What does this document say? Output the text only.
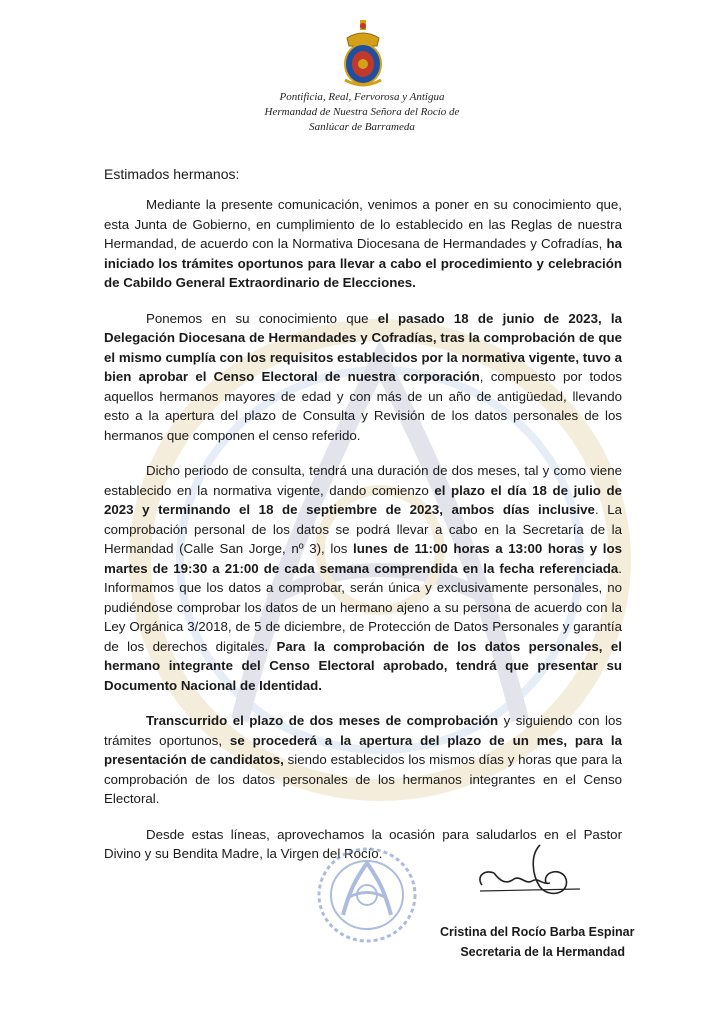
Pontificia, Real, Fervorosa y Antigua
Hermandad de Nuestra Señora del Rocío de
Sanlúcar de Barrameda
Estimados hermanos:

Mediante la presente comunicación, venimos a poner en su conocimiento que, esta Junta de Gobierno, en cumplimiento de lo establecido en las Reglas de nuestra Hermandad, de acuerdo con la Normativa Diocesana de Hermandades y Cofradías, ha iniciado los trámites oportunos para llevar a cabo el procedimiento y celebración de Cabildo General Extraordinario de Elecciones.

Ponemos en su conocimiento que el pasado 18 de junio de 2023, la Delegación Diocesana de Hermandades y Cofradías, tras la comprobación de que el mismo cumplía con los requisitos establecidos por la normativa vigente, tuvo a bien aprobar el Censo Electoral de nuestra corporación, compuesto por todos aquellos hermanos mayores de edad y con más de un año de antigüedad, llevando esto a la apertura del plazo de Consulta y Revisión de los datos personales de los hermanos que componen el censo referido.

Dicho periodo de consulta, tendrá una duración de dos meses, tal y como viene establecido en la normativa vigente, dando comienzo el plazo el día 18 de julio de 2023 y terminando el 18 de septiembre de 2023, ambos días inclusive. La comprobación personal de los datos se podrá llevar a cabo en la Secretaría de la Hermandad (Calle San Jorge, nº 3), los lunes de 11:00 horas a 13:00 horas y los martes de 19:30 a 21:00 de cada semana comprendida en la fecha referenciada. Informamos que los datos a comprobar, serán única y exclusivamente personales, no pudiéndose comprobar los datos de un hermano ajeno a su persona de acuerdo con la Ley Orgánica 3/2018, de 5 de diciembre, de Protección de Datos Personales y garantía de los derechos digitales. Para la comprobación de los datos personales, el hermano integrante del Censo Electoral aprobado, tendrá que presentar su Documento Nacional de Identidad.

Transcurrido el plazo de dos meses de comprobación y siguiendo con los trámites oportunos, se procederá a la apertura del plazo de un mes, para la presentación de candidatos, siendo establecidos los mismos días y horas que para la comprobación de los datos personales de los hermanos integrantes en el Censo Electoral.

Desde estas líneas, aprovechamos la ocasión para saludarlos en el Pastor Divino y su Bendita Madre, la Virgen del Rocío.

Cristina del Rocío Barba Espinar
Secretaria de la Hermandad
